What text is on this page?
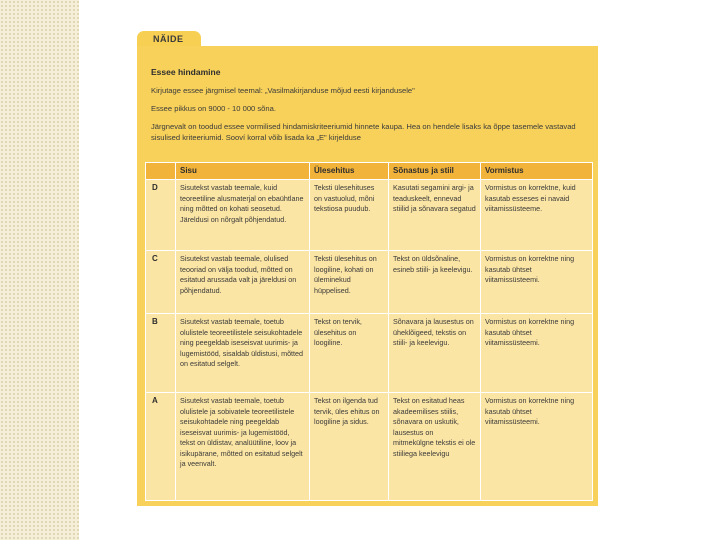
NÄIDE
Essee hindamine
Kirjutage essee järgmisel teemal: „Vasilmakirjanduse mõjud eesti kirjandusele"
Essee pikkus on 9000 - 10 000 sõna.
Järgnevalt on toodud essee vormilised hindamiskriteeriumid hinnete kaupa. Hea on hendele lisaks ka õppe tasemele vastavad sisulised kriteeriumid. Sooví korral võib lisada ka „E" kirjelduse
	Sisu	Ülesehitus	Sõnastus ja stiil	Vormistus
D	Sisutekst vastab teemale, kuid teoreetiline alusmaterjal on ebaühtlane ning mõtted on kohati seosetud. Järeldusi on nõrgalt põhjendatud.	Teksti ülesehituses on vastuolud, mõni tekstiosa puudub.	Kasutati segamini argi- ja teaduskeelt, ennevad stiilid ja sõnavara segatud	Vormistus on korrektne, kuid kasutab esseses ei navaid viitamissüsteeme.
C	Sisutekst vastab teemale, olulised teooriad on välja toodud, mõtted on esitatud arussada valt ja järeldusi on põhjendatud.	Teksti ülesehitus on loogiline, kohati on üleminekud hüppelised.	Tekst on üldsõnaline, esineb stiili- ja keelevigu.	Vormistus on korrektne ning kasutab ühtset viitamissüsteemi.
B	Sisutekst vastab teemale, toetub olulistele teoreetilistele seisukohtadele ning peegeldab iseseisvat uurimis- ja lugemistööd, sisaldab üldistusi, mõtted on esitatud selgelt.	Tekst on tervik, ülesehitus on loogiline.	Sõnavara ja lausestus on üheklõigeed, tekstis on stiili- ja keelevigu.	Vormistus on korrektne ning kasutab ühtset viitamissüsteemi.
A	Sisutekst vastab teemale, toetub olulistele ja sobivatele teoreetilistele seisukohtadele ning peegeldab iseseisvat uurimis- ja lugemistööd, tekst on üldistav, analüütiline, loov ja isikupärane, mõtted on esitatud selgelt ja veenvalt.	Tekst on ilgenda tud tervik, üles ehitus on loogiline ja sidus.	Tekst on esitatud heas akadeemilises stiilis, sõnavara on uskutik, lausestus on mitmekülgne tekstis ei ole stiiliega keelevigu	Vormistus on korrektne ning kasutab ühtset viitamissüsteemi.
